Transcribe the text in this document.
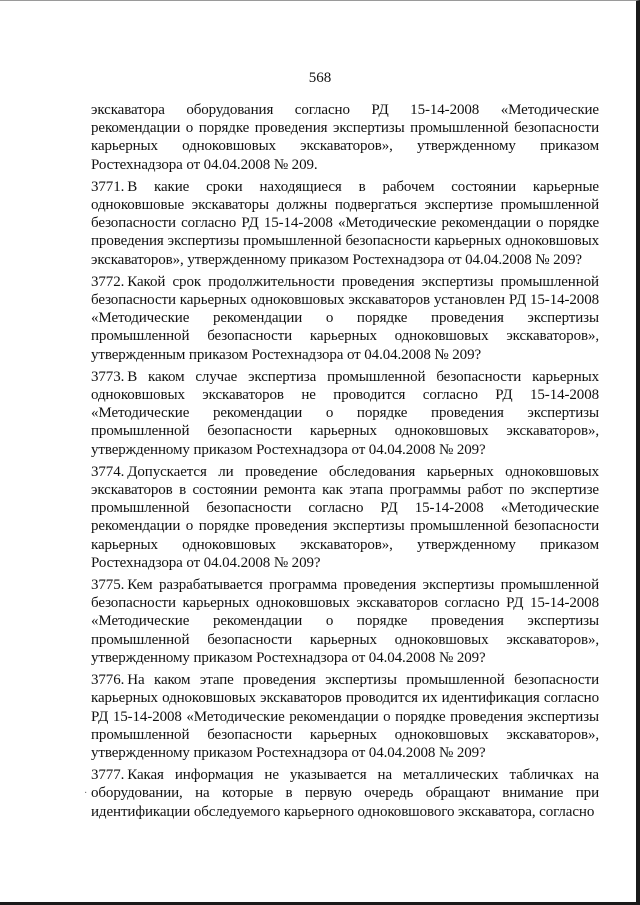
568

экскаватора оборудования согласно РД 15-14-2008 «Методические рекомендации о порядке проведения экспертизы промышленной безопасности карьерных одноковшовых экскаваторов», утвержденному приказом Ростехнадзора от 04.04.2008 № 209.

3771. В какие сроки находящиеся в рабочем состоянии карьерные одноковшовые экскаваторы должны подвергаться экспертизе промышленной безопасности согласно РД 15-14-2008 «Методические рекомендации о порядке проведения экспертизы промышленной безопасности карьерных одноковшовых экскаваторов», утвержденному приказом Ростехнадзора от 04.04.2008 № 209?

3772. Какой срок продолжительности проведения экспертизы промышленной безопасности карьерных одноковшовых экскаваторов установлен РД 15-14-2008 «Методические рекомендации о порядке проведения экспертизы промышленной безопасности карьерных одноковшовых экскаваторов», утвержденным приказом Ростехнадзора от 04.04.2008 № 209?

3773. В каком случае экспертиза промышленной безопасности карьерных одноковшовых экскаваторов не проводится согласно РД 15-14-2008 «Методические рекомендации о порядке проведения экспертизы промышленной безопасности карьерных одноковшовых экскаваторов», утвержденному приказом Ростехнадзора от 04.04.2008 № 209?

3774. Допускается ли проведение обследования карьерных одноковшовых экскаваторов в состоянии ремонта как этапа программы работ по экспертизе промышленной безопасности согласно РД 15-14-2008 «Методические рекомендации о порядке проведения экспертизы промышленной безопасности карьерных одноковшовых экскаваторов», утвержденному приказом Ростехнадзора от 04.04.2008 № 209?

3775. Кем разрабатывается программа проведения экспертизы промышленной безопасности карьерных одноковшовых экскаваторов согласно РД 15-14-2008 «Методические рекомендации о порядке проведения экспертизы промышленной безопасности карьерных одноковшовых экскаваторов», утвержденному приказом Ростехнадзора от 04.04.2008 № 209?

3776. На каком этапе проведения экспертизы промышленной безопасности карьерных одноковшовых экскаваторов проводится их идентификация согласно РД 15-14-2008 «Методические рекомендации о порядке проведения экспертизы промышленной безопасности карьерных одноковшовых экскаваторов», утвержденному приказом Ростехнадзора от 04.04.2008 № 209?

3777. Какая информация не указывается на металлических табличках на оборудовании, на которые в первую очередь обращают внимание при идентификации обследуемого карьерного одноковшового экскаватора, согласно

·
